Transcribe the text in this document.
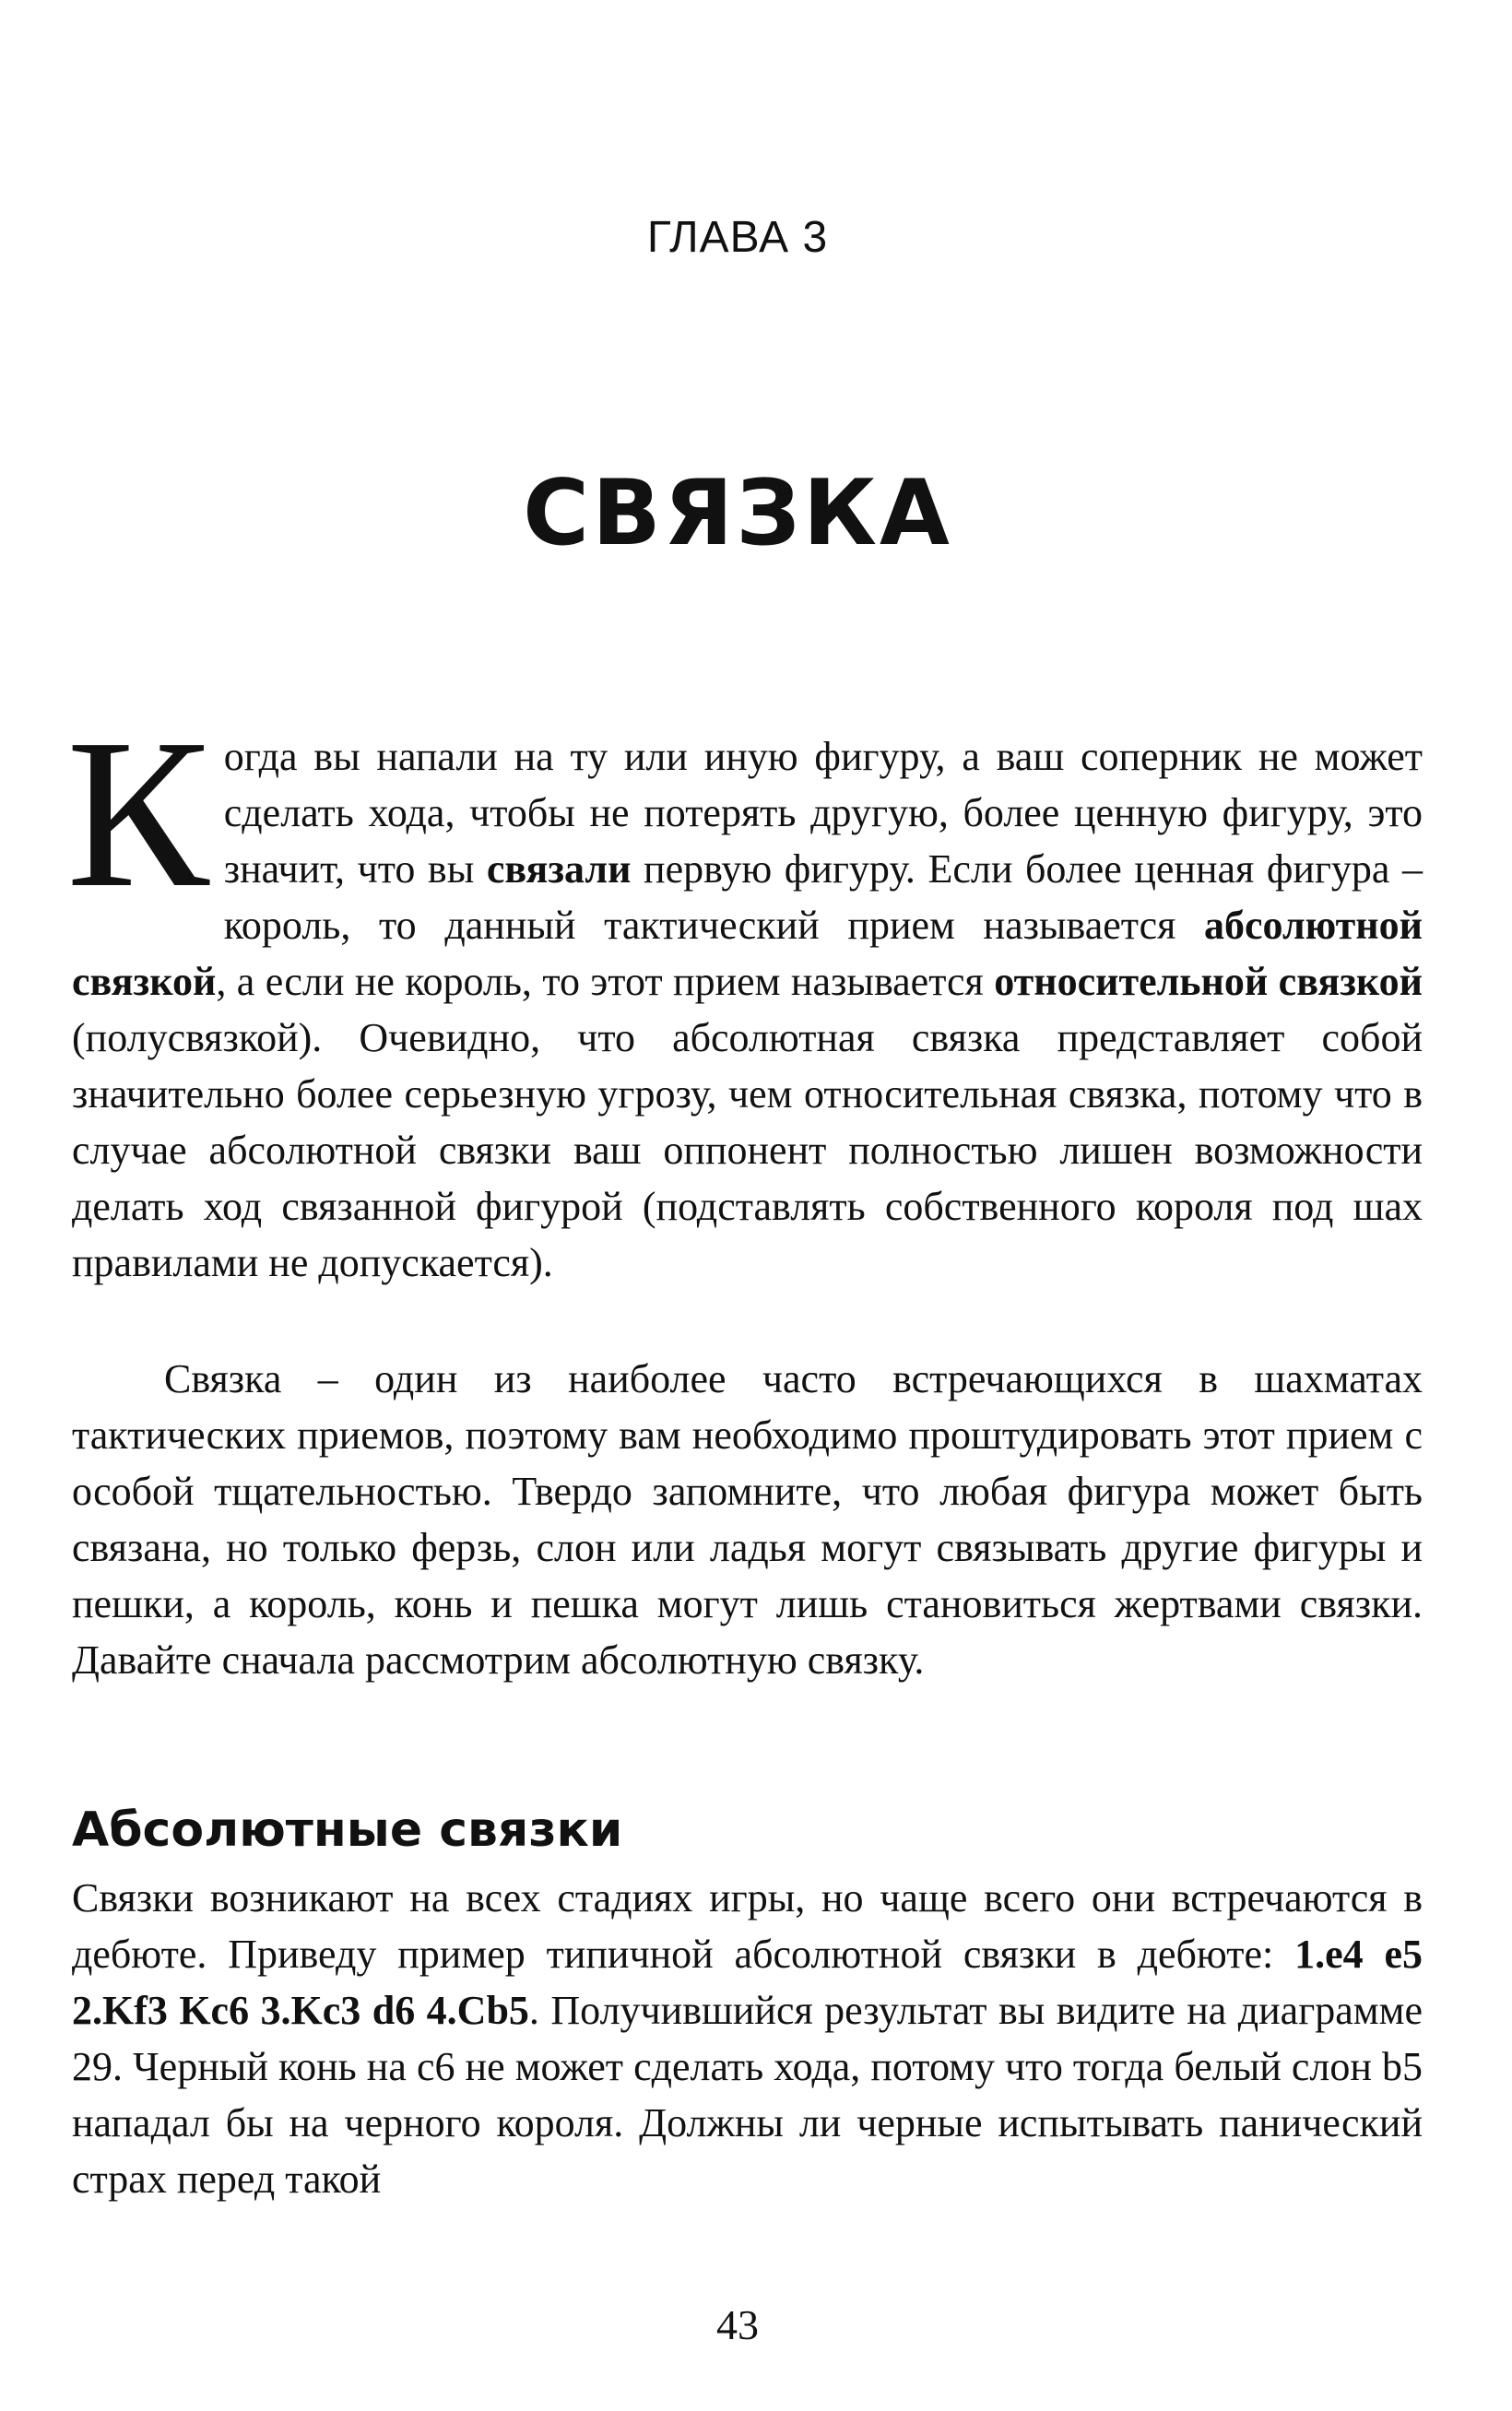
ГЛАВА 3
СВЯЗКА

Когда вы напали на ту или иную фигуру, а ваш соперник не может сделать хода, чтобы не потерять другую, более ценную фигуру, это значит, что вы связали первую фигуру. Если более ценная фигура – король, то данный тактический прием называется абсолютной связкой, а если не король, то этот прием называется относительной связкой (полусвязкой). Очевидно, что абсолютная связка представляет собой значительно более серьезную угрозу, чем относительная связка, потому что в случае абсолютной связки ваш оппонент полностью лишен возможности делать ход связанной фигурой (подставлять собственного короля под шах правилами не допускается).

Связка – один из наиболее часто встречающихся в шахматах тактических приемов, поэтому вам необходимо проштудировать этот прием с особой тщательностью. Твердо запомните, что любая фигура может быть связана, но только ферзь, слон или ладья могут связывать другие фигуры и пешки, а король, конь и пешка могут лишь становиться жертвами связки. Давайте сначала рассмотрим абсолютную связку.

Абсолютные связки

Связки возникают на всех стадиях игры, но чаще всего они встречаются в дебюте. Приведу пример типичной абсолютной связки в дебюте: 1.e4 e5 2.Kf3 Kc6 3.Kc3 d6 4.Cb5. Получившийся результат вы видите на диаграмме 29. Черный конь на c6 не может сделать хода, потому что тогда белый слон b5 нападал бы на черного короля. Должны ли черные испытывать панический страх перед такой

43
